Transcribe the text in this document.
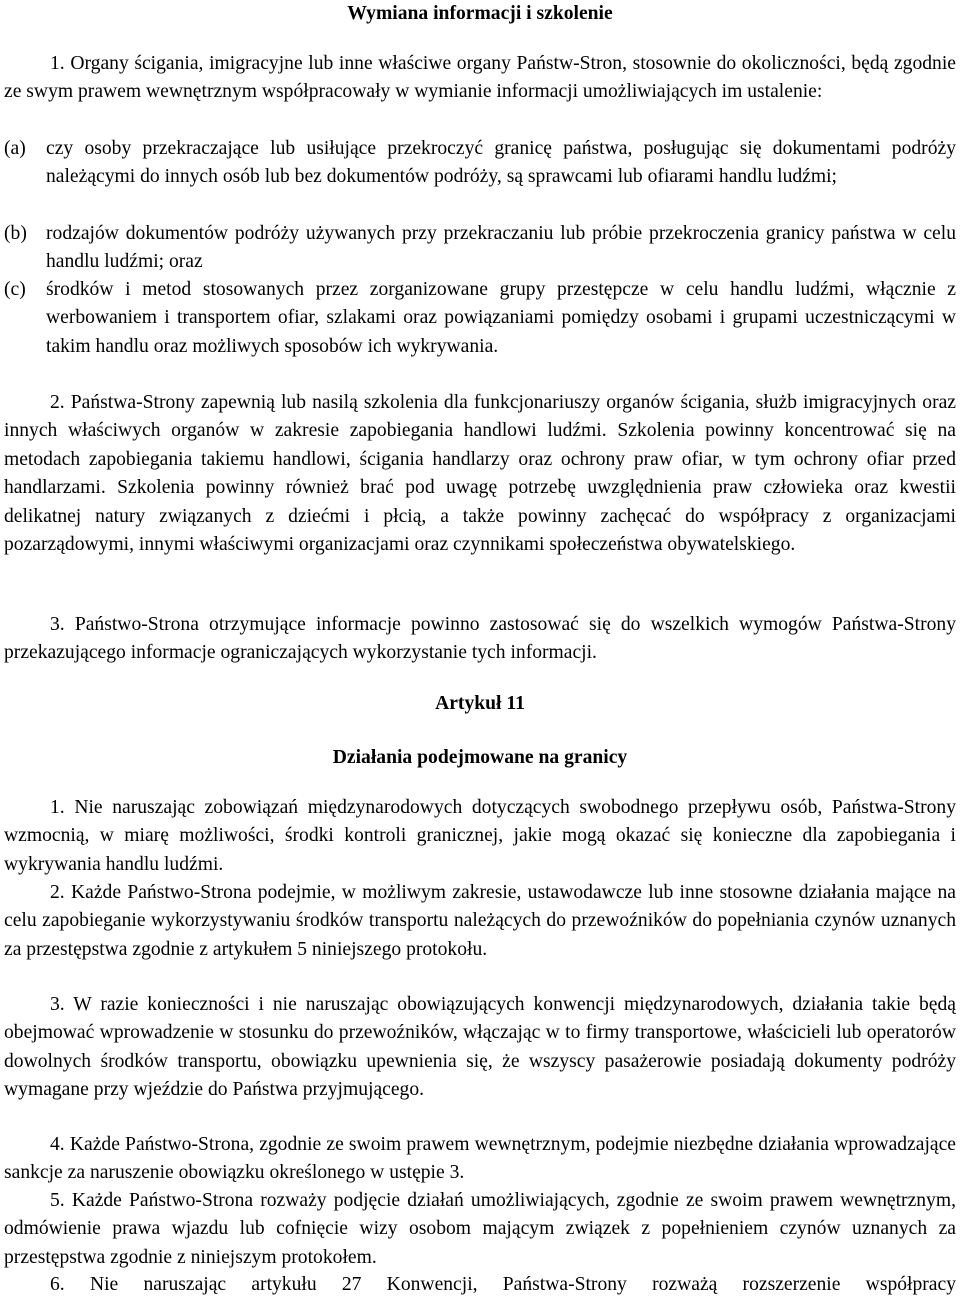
Wymiana informacji i szkolenie

1. Organy ścigania, imigracyjne lub inne właściwe organy Państw-Stron, stosownie do okoliczności, będą zgodnie ze swym prawem wewnętrznym współpracowały w wymianie informacji umożliwiających im ustalenie:

(a) czy osoby przekraczające lub usiłujące przekroczyć granicę państwa, posługując się dokumentami podróży należącymi do innych osób lub bez dokumentów podróży, są sprawcami lub ofiarami handlu ludźmi;
(b) rodzajów dokumentów podróży używanych przy przekraczaniu lub próbie przekroczenia granicy państwa w celu handlu ludźmi; oraz
(c) środków i metod stosowanych przez zorganizowane grupy przestępcze w celu handlu ludźmi, włącznie z werbowaniem i transportem ofiar, szlakami oraz powiązaniami pomiędzy osobami i grupami uczestniczącymi w takim handlu oraz możliwych sposobów ich wykrywania.

2. Państwa-Strony zapewnią lub nasilą szkolenia dla funkcjonariuszy organów ścigania, służb imigracyjnych oraz innych właściwych organów w zakresie zapobiegania handlowi ludźmi. Szkolenia powinny koncentrować się na metodach zapobiegania takiemu handlowi, ścigania handlarzy oraz ochrony praw ofiar, w tym ochrony ofiar przed handlarzami. Szkolenia powinny również brać pod uwagę potrzebę uwzględnienia praw człowieka oraz kwestii delikatnej natury związanych z dziećmi i płcią, a także powinny zachęcać do współpracy z organizacjami pozarządowymi, innymi właściwymi organizacjami oraz czynnikami społeczeństwa obywatelskiego.

3. Państwo-Strona otrzymujące informacje powinno zastosować się do wszelkich wymogów Państwa-Strony przekazującego informacje ograniczających wykorzystanie tych informacji.

Artykuł 11
Działania podejmowane na granicy

1. Nie naruszając zobowiązań międzynarodowych dotyczących swobodnego przepływu osób, Państwa-Strony wzmocnią, w miarę możliwości, środki kontroli granicznej, jakie mogą okazać się konieczne dla zapobiegania i wykrywania handlu ludźmi.

2. Każde Państwo-Strona podejmie, w możliwym zakresie, ustawodawcze lub inne stosowne działania mające na celu zapobieganie wykorzystywaniu środków transportu należących do przewoźników do popełniania czynów uznanych za przestępstwa zgodnie z artykułem 5 niniejszego protokołu.

3. W razie konieczności i nie naruszając obowiązujących konwencji międzynarodowych, działania takie będą obejmować wprowadzenie w stosunku do przewoźników, włączając w to firmy transportowe, właścicieli lub operatorów dowolnych środków transportu, obowiązku upewnienia się, że wszyscy pasażerowie posiadają dokumenty podróży wymagane przy wjeździe do Państwa przyjmującego.

4. Każde Państwo-Strona, zgodnie ze swoim prawem wewnętrznym, podejmie niezbędne działania wprowadzające sankcje za naruszenie obowiązku określonego w ustępie 3.

5. Każde Państwo-Strona rozważy podjęcie działań umożliwiających, zgodnie ze swoim prawem wewnętrznym, odmówienie prawa wjazdu lub cofnięcie wizy osobom mającym związek z popełnieniem czynów uznanych za przestępstwa zgodnie z niniejszym protokołem.

6. Nie naruszając artykułu 27 Konwencji, Państwa-Strony rozważą rozszerzenie współpracy
